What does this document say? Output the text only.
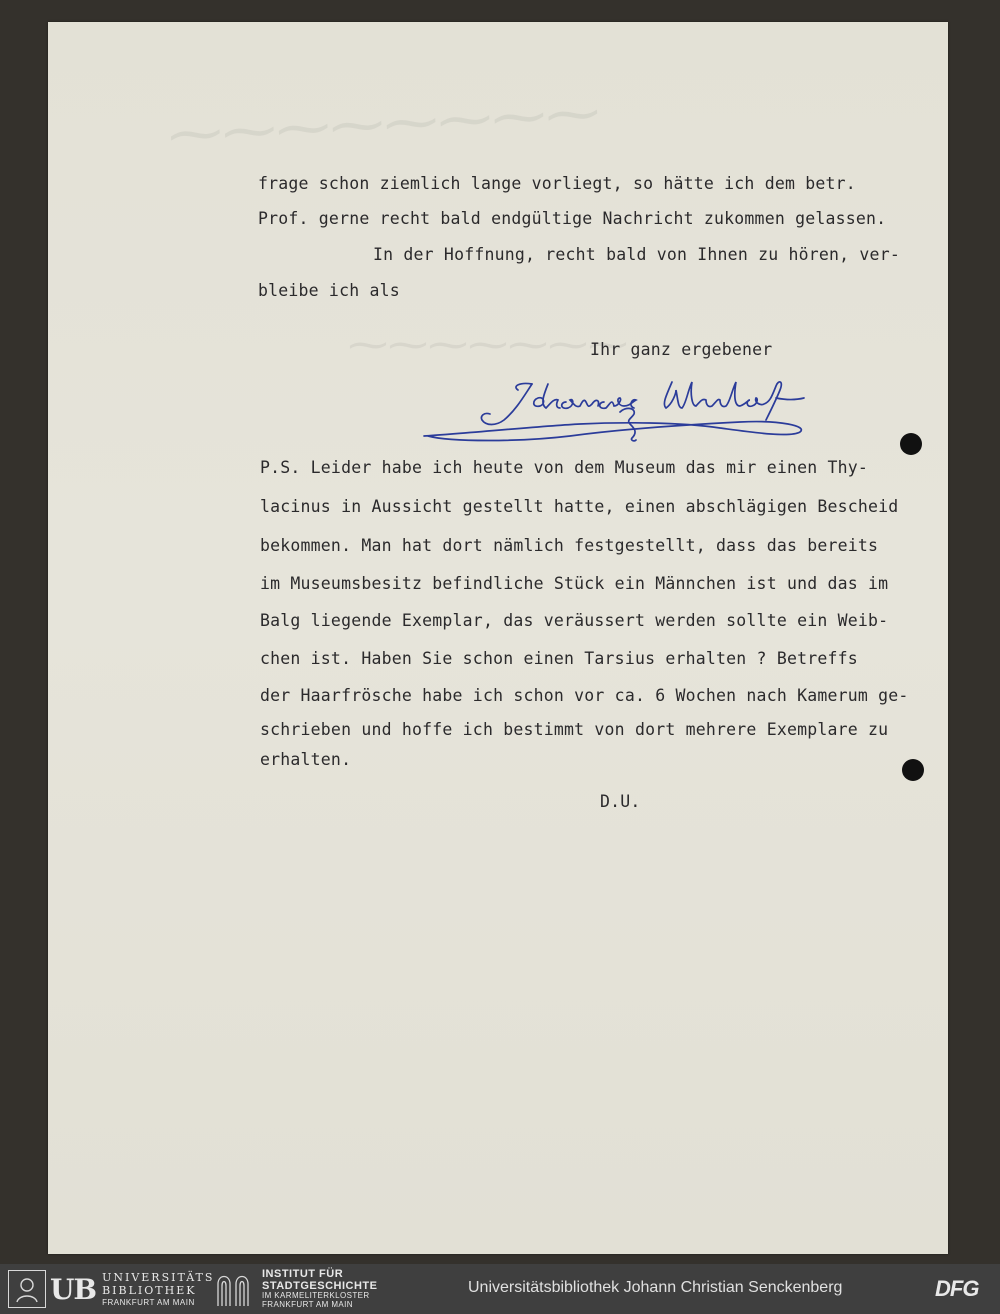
⁓⁓⁓⁓⁓⁓⁓⁓
⁓⁓⁓⁓⁓⁓⁓
frage schon ziemlich lange vorliegt, so hätte ich dem betr.
Prof. gerne recht bald endgültige Nachricht zukommen gelassen.
In der Hoffnung, recht bald von Ihnen zu hören, ver-
bleibe ich als
Ihr ganz ergebener
P.S. Leider habe ich heute von dem Museum das mir einen Thy-
lacinus in Aussicht gestellt hatte, einen abschlägigen Bescheid
bekommen. Man hat dort nämlich festgestellt, dass das bereits
im Museumsbesitz befindliche Stück ein Männchen ist und das im
Balg liegende Exemplar, das veräussert werden sollte ein Weib-
chen ist. Haben Sie schon einen Tarsius erhalten ? Betreffs
der Haarfrösche habe ich schon vor ca. 6 Wochen nach Kamerum ge-
schrieben und hoffe ich bestimmt von dort mehrere Exemplare zu
erhalten.
D.U.
UB UNIVERSITÄTS
BIBLIOTHEK
FRANKFURT AM MAIN
INSTITUT FÜR
STADTGESCHICHTE
IM KARMELITERKLOSTER
FRANKFURT AM MAIN
Universitätsbibliothek Johann Christian Senckenberg	DFG
